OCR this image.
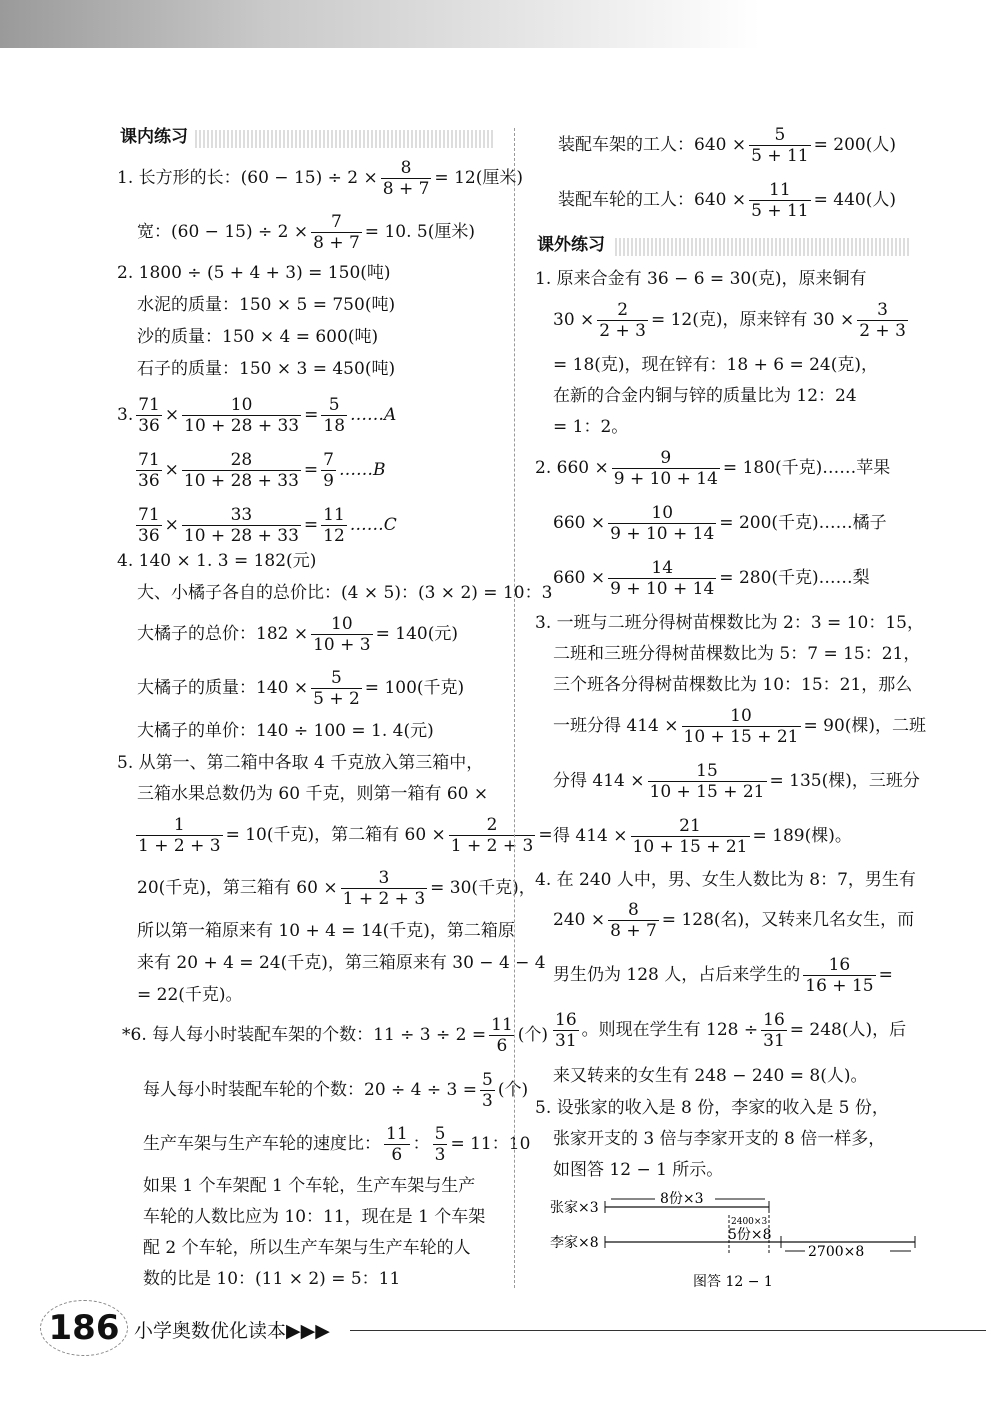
课内练习
1. 长方形的长：$(60 - 15) \div 2 \times \frac{8}{8 + 7} = 12$(厘米)
宽：$(60 - 15) \div 2 \times \frac{7}{8 + 7} = 10$. 5(厘米)
2. 1800 ÷ (5 + 4 + 3) = 150(吨)
水泥的质量：150 × 5 = 750(吨)
沙的质量：150 × 4 = 600(吨)
石子的质量：150 × 3 = 450(吨)
3. $\frac{71}{36} \times \frac{10}{10 + 28 + 33} = \frac{5}{18}$ ……A
$\frac{71}{36} \times \frac{28}{10 + 28 + 33} = \frac{7}{9}$ ……B
$\frac{71}{36} \times \frac{33}{10 + 28 + 33} = \frac{11}{12}$ ……C
4. 140 × 1. 3 = 182(元)
大、小橘子各自的总价比：(4 × 5)：(3 × 2) = 10：3
大橘子的总价：$182 \times \frac{10}{10 + 3} = 140$(元)
大橘子的质量：$140 \times \frac{5}{5 + 2} = 100$(千克)
大橘子的单价：140 ÷ 100 = 1. 4(元)
5. 从第一、第二箱中各取 4 千克放入第三箱中，
三箱水果总数仍为 60 千克，则第一箱有 60 ×
$\frac{1}{1 + 2 + 3} = 10$(千克)，第二箱有 $60 \times \frac{2}{1 + 2 + 3}$ =
20(千克)，第三箱有 $60 \times \frac{3}{1 + 2 + 3} = 30$(千克)，
所以第一箱原来有 10 + 4 = 14(千克)，第二箱原
来有 20 + 4 = 24(千克)，第三箱原来有 30 − 4 − 4
= 22(千克)。
*6. 每人每小时装配车架的个数：$11 \div 3 \div 2 = \frac{11}{6}$ (个)
每人每小时装配车轮的个数：$20 \div 4 \div 3 = \frac{5}{3}$ (个)
生产车架与生产车轮的速度比： $\frac{11}{6}$ ： $\frac{5}{3} = 11$：10
如果 1 个车架配 1 个车轮，生产车架与生产
车轮的人数比应为 10：11，现在是 1 个车架
配 2 个车轮，所以生产车架与生产车轮的人
数的比是 10：(11 × 2) = 5：11
装配车架的工人：$640 \times \frac{5}{5 + 11} = 200$(人)
装配车轮的工人：$640 \times \frac{11}{5 + 11} = 440$(人)
课外练习
1. 原来合金有 36 − 6 = 30(克)，原来铜有
$30 \times \frac{2}{2 + 3} = 12$(克)，原来锌有 $30 \times \frac{3}{2 + 3}$
= 18(克)，现在锌有：18 + 6 = 24(克)，
在新的合金内铜与锌的质量比为 12：24
= 1：2。
2. $660 \times \frac{9}{9 + 10 + 14} = 180$(千克)……苹果
$660 \times \frac{10}{9 + 10 + 14} = 200$(千克)……橘子
$660 \times \frac{14}{9 + 10 + 14} = 280$(千克)……梨
3. 一班与二班分得树苗棵数比为 2：3 = 10：15，
二班和三班分得树苗棵数比为 5：7 = 15：21，
三个班各分得树苗棵数比为 10：15：21，那么
一班分得 $414 \times \frac{10}{10 + 15 + 21} = 90$(棵)，二班
分得 $414 \times \frac{15}{10 + 15 + 21} = 135$(棵)，三班分
得 $414 \times \frac{21}{10 + 15 + 21} = 189$(棵)。
4. 在 240 人中，男、女生人数比为 8：7，男生有
$240 \times \frac{8}{8 + 7} = 128$(名)，又转来几名女生，而
男生仍为 128 人，占后来学生的 $\frac{16}{16 + 15}$ =
$\frac{16}{31}$ 。则现在学生有 $128 \div \frac{16}{31} = 248$(人)，后
来又转来的女生有 248 − 240 = 8(人)。
5. 设张家的收入是 8 份，李家的收入是 5 份，
张家开支的 3 倍与李家开支的 8 倍一样多，
如图答 12 − 1 所示。
张家×3
李家×8
8份×3
2400×3
5份×8
2700×8
图答 12 − 1
186 小学奥数优化读本▶▶▶
